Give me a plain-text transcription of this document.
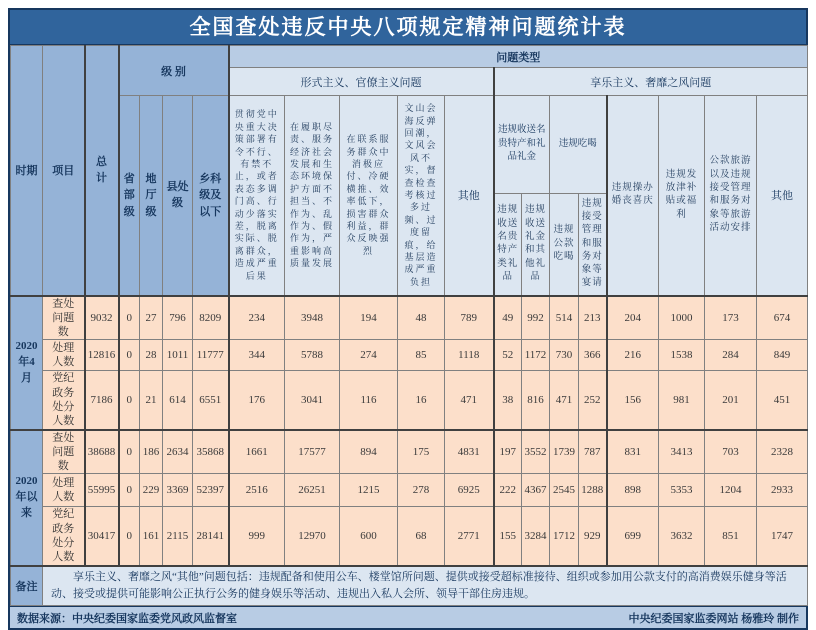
全国查处违反中央八项规定精神问题统计表
时期	项目	总计	级 别				问题类型												
							形式主义、官僚主义问题					享乐主义、奢靡之风问题							
			省部级	地厅级	县处级	乡科级及以下	贯彻党中央重大决策部署有令不行、有禁不止，或者表态多调门高、行动少落实差，脱离实际、脱离群众，造成严重后果	在履职尽责、服务经济社会发展和生态环境保护方面不担当、不作为、乱作为、假作为，严重影响高质量发展	在联系服务群众中消极应付、冷硬横推、效率低下，损害群众利益，群众反映强烈	文山会海反弹回潮，文风会风不实，督查检查考核过多过频、过度留痕，给基层造成严重负担	其他	违规收送名贵特产和礼品礼金		违规吃喝		违规操办婚丧喜庆	违规发放津补贴或福利	公款旅游以及违规接受管理和服务对象等旅游活动安排	其他
												违规收送名贵特产类礼品	违规收送礼金和其他礼品	违规公款吃喝	违规接受管理和服务对象等宴请				
2020年4月	查处问题数	9032	0	27	796	8209	234	3948	194	48	789	49	992	514	213	204	1000	173	674
	处理人数	12816	0	28	1011	11777	344	5788	274	85	1118	52	1172	730	366	216	1538	284	849
	党纪政务处分人数	7186	0	21	614	6551	176	3041	116	16	471	38	816	471	252	156	981	201	451
2020年以来	查处问题数	38688	0	186	2634	35868	1661	17577	894	175	4831	197	3552	1739	787	831	3413	703	2328
	处理人数	55995	0	229	3369	52397	2516	26251	1215	278	6925	222	4367	2545	1288	898	5353	1204	2933
	党纪政务处分人数	30417	0	161	2115	28141	999	12970	600	68	2771	155	3284	1712	929	699	3632	851	1747
备注	享乐主义、奢靡之风“其他”问题包括：违规配备和使用公车、楼堂馆所问题、提供或接受超标准接待、组织或参加用公款支付的高消费娱乐健身等活动、接受或提供可能影响公正执行公务的健身娱乐等活动、违规出入私人会所、领导干部住房违规。																		
数据来源：中央纪委国家监委党风政风监督室	中央纪委国家监委网站 杨雅玲 制作
